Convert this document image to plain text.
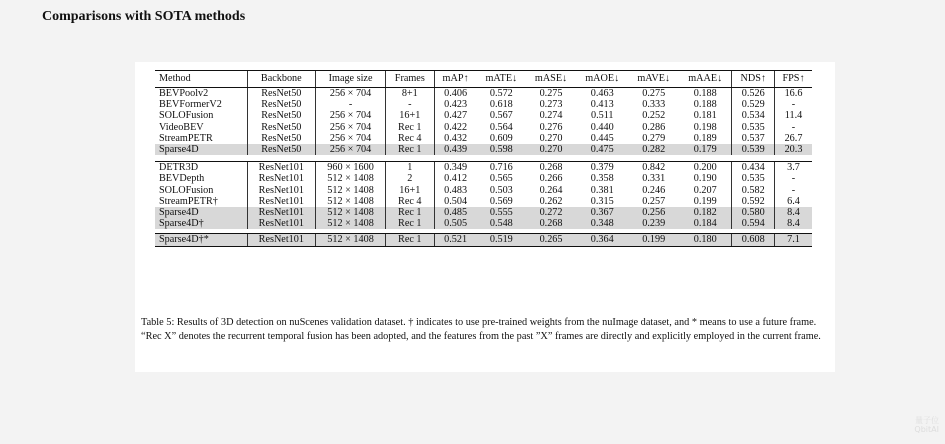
Comparisons with SOTA methods
Method	Backbone	Image size	Frames	mAP↑	mATE↓	mASE↓	mAOE↓	mAVE↓	mAAE↓	NDS↑	FPS↑
BEVPoolv2	ResNet50	256 × 704	8+1	0.406	0.572	0.275	0.463	0.275	0.188	0.526	16.6
BEVFormerV2	ResNet50	-	-	0.423	0.618	0.273	0.413	0.333	0.188	0.529	-
SOLOFusion	ResNet50	256 × 704	16+1	0.427	0.567	0.274	0.511	0.252	0.181	0.534	11.4
VideoBEV	ResNet50	256 × 704	Rec 1	0.422	0.564	0.276	0.440	0.286	0.198	0.535	-
StreamPETR	ResNet50	256 × 704	Rec 4	0.432	0.609	0.270	0.445	0.279	0.189	0.537	26.7
Sparse4D	ResNet50	256 × 704	Rec 1	0.439	0.598	0.270	0.475	0.282	0.179	0.539	20.3

DETR3D	ResNet101	960 × 1600	1	0.349	0.716	0.268	0.379	0.842	0.200	0.434	3.7
BEVDepth	ResNet101	512 × 1408	2	0.412	0.565	0.266	0.358	0.331	0.190	0.535	-
SOLOFusion	ResNet101	512 × 1408	16+1	0.483	0.503	0.264	0.381	0.246	0.207	0.582	-
StreamPETR†	ResNet101	512 × 1408	Rec 4	0.504	0.569	0.262	0.315	0.257	0.199	0.592	6.4
Sparse4D	ResNet101	512 × 1408	Rec 1	0.485	0.555	0.272	0.367	0.256	0.182	0.580	8.4
Sparse4D†	ResNet101	512 × 1408	Rec 1	0.505	0.548	0.268	0.348	0.239	0.184	0.594	8.4

Sparse4D†*	ResNet101	512 × 1408	Rec 1	0.521	0.519	0.265	0.364	0.199	0.180	0.608	7.1
Table 5: Results of 3D detection on nuScenes validation dataset. † indicates to use pre-trained weights from the nuImage dataset, and * means to use a future frame. “Rec X” denotes the recurrent temporal fusion has been adopted, and the features from the past ”X” frames are directly and explicitly employed in the current frame.
量子位
QbitAI
